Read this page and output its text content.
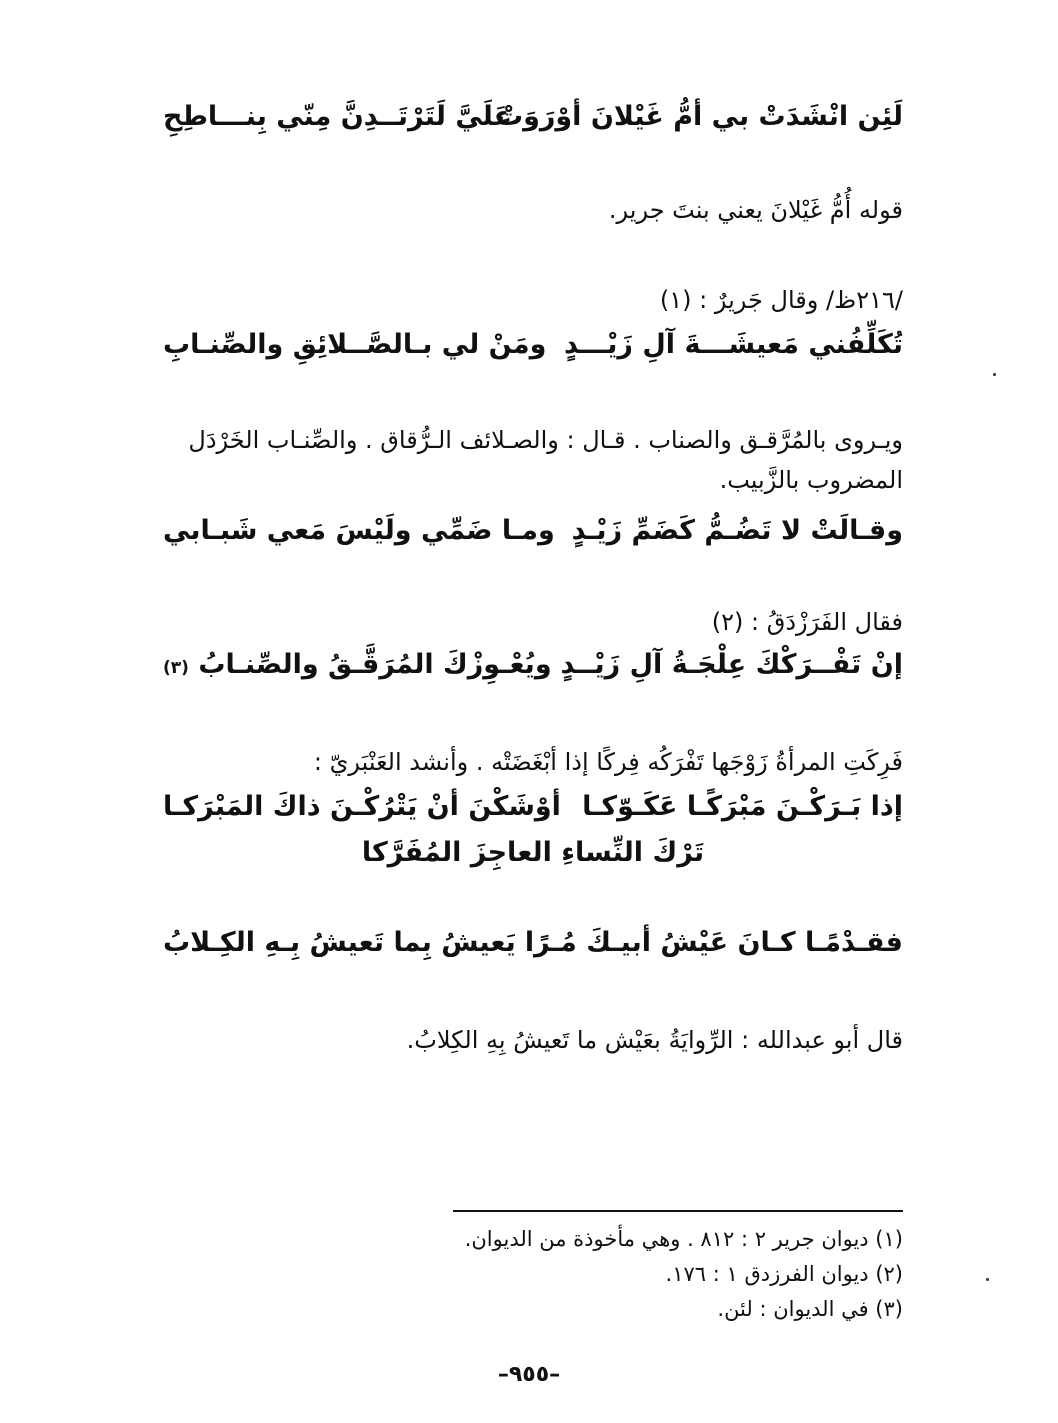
لَئِن انْشَدَتْ بي أمُّ غَيْلانَ أوْرَوَتْ
عَلَيَّ لَتَرْتَــدِنَّ مِنّي بِنـــاطِحِ
قوله أُمُّ غَيْلانَ يعني بنتَ جرير.
/٢١٦ظ/ وقال جَريرٌ : (١)
تُكَلِّفُني مَعيشَـــةَ آلِ زَيْـــدٍ
ومَنْ لي بـالصَّــلائِقِ والصِّنـابِ
ويـروى بالمُرَّقـق والصناب . قـال : والصـلائف الـرُّقاق . والصِّنـاب الخَرْدَل المضروب بالزَّبيب.
وقـالَتْ لا تَضُـمُّ كَضَمِّ زَيْـدٍ
ومـا ضَمِّي ولَيْسَ مَعي شَبـابي
فقال الفَرَزْدَقُ : (٢)
إنْ تَفْــرَكْكَ عِلْجَـةُ آلِ زَيْــدٍ
ويُعْـوِزْكَ المُرَقَّـقُ والصِّنـابُ (٣)
فَرِكَتِ المرأةُ زَوْجَها تَفْرَكُه فِركًا إذا أبْغَضَتْه . وأنشد العَنْبَريّ :
إذا بَـرَكْـنَ مَبْرَكًـا عَكَـوّكـا
أوْشَكْنَ أنْ يَتْرُكْـنَ ذاكَ المَبْرَكـا
تَرْكَ النِّساءِ العاجِزَ المُفَرَّكا
فقـدْمًـا كـانَ عَيْشُ أبيـكَ مُـرًا
يَعيشُ بِما تَعيشُ بِـهِ الكِـلابُ
قال أبو عبدالله : الرِّوايَةُ بعَيْش ما تَعيشُ بِهِ الكِلابُ.
(١) ديوان جرير ٢ : ٨١٢ . وهي مأخوذة من الديوان.
(٢) ديوان الفرزدق ١ : ١٧٦.
(٣) في الديوان : لئن.
–٩٥٥–
